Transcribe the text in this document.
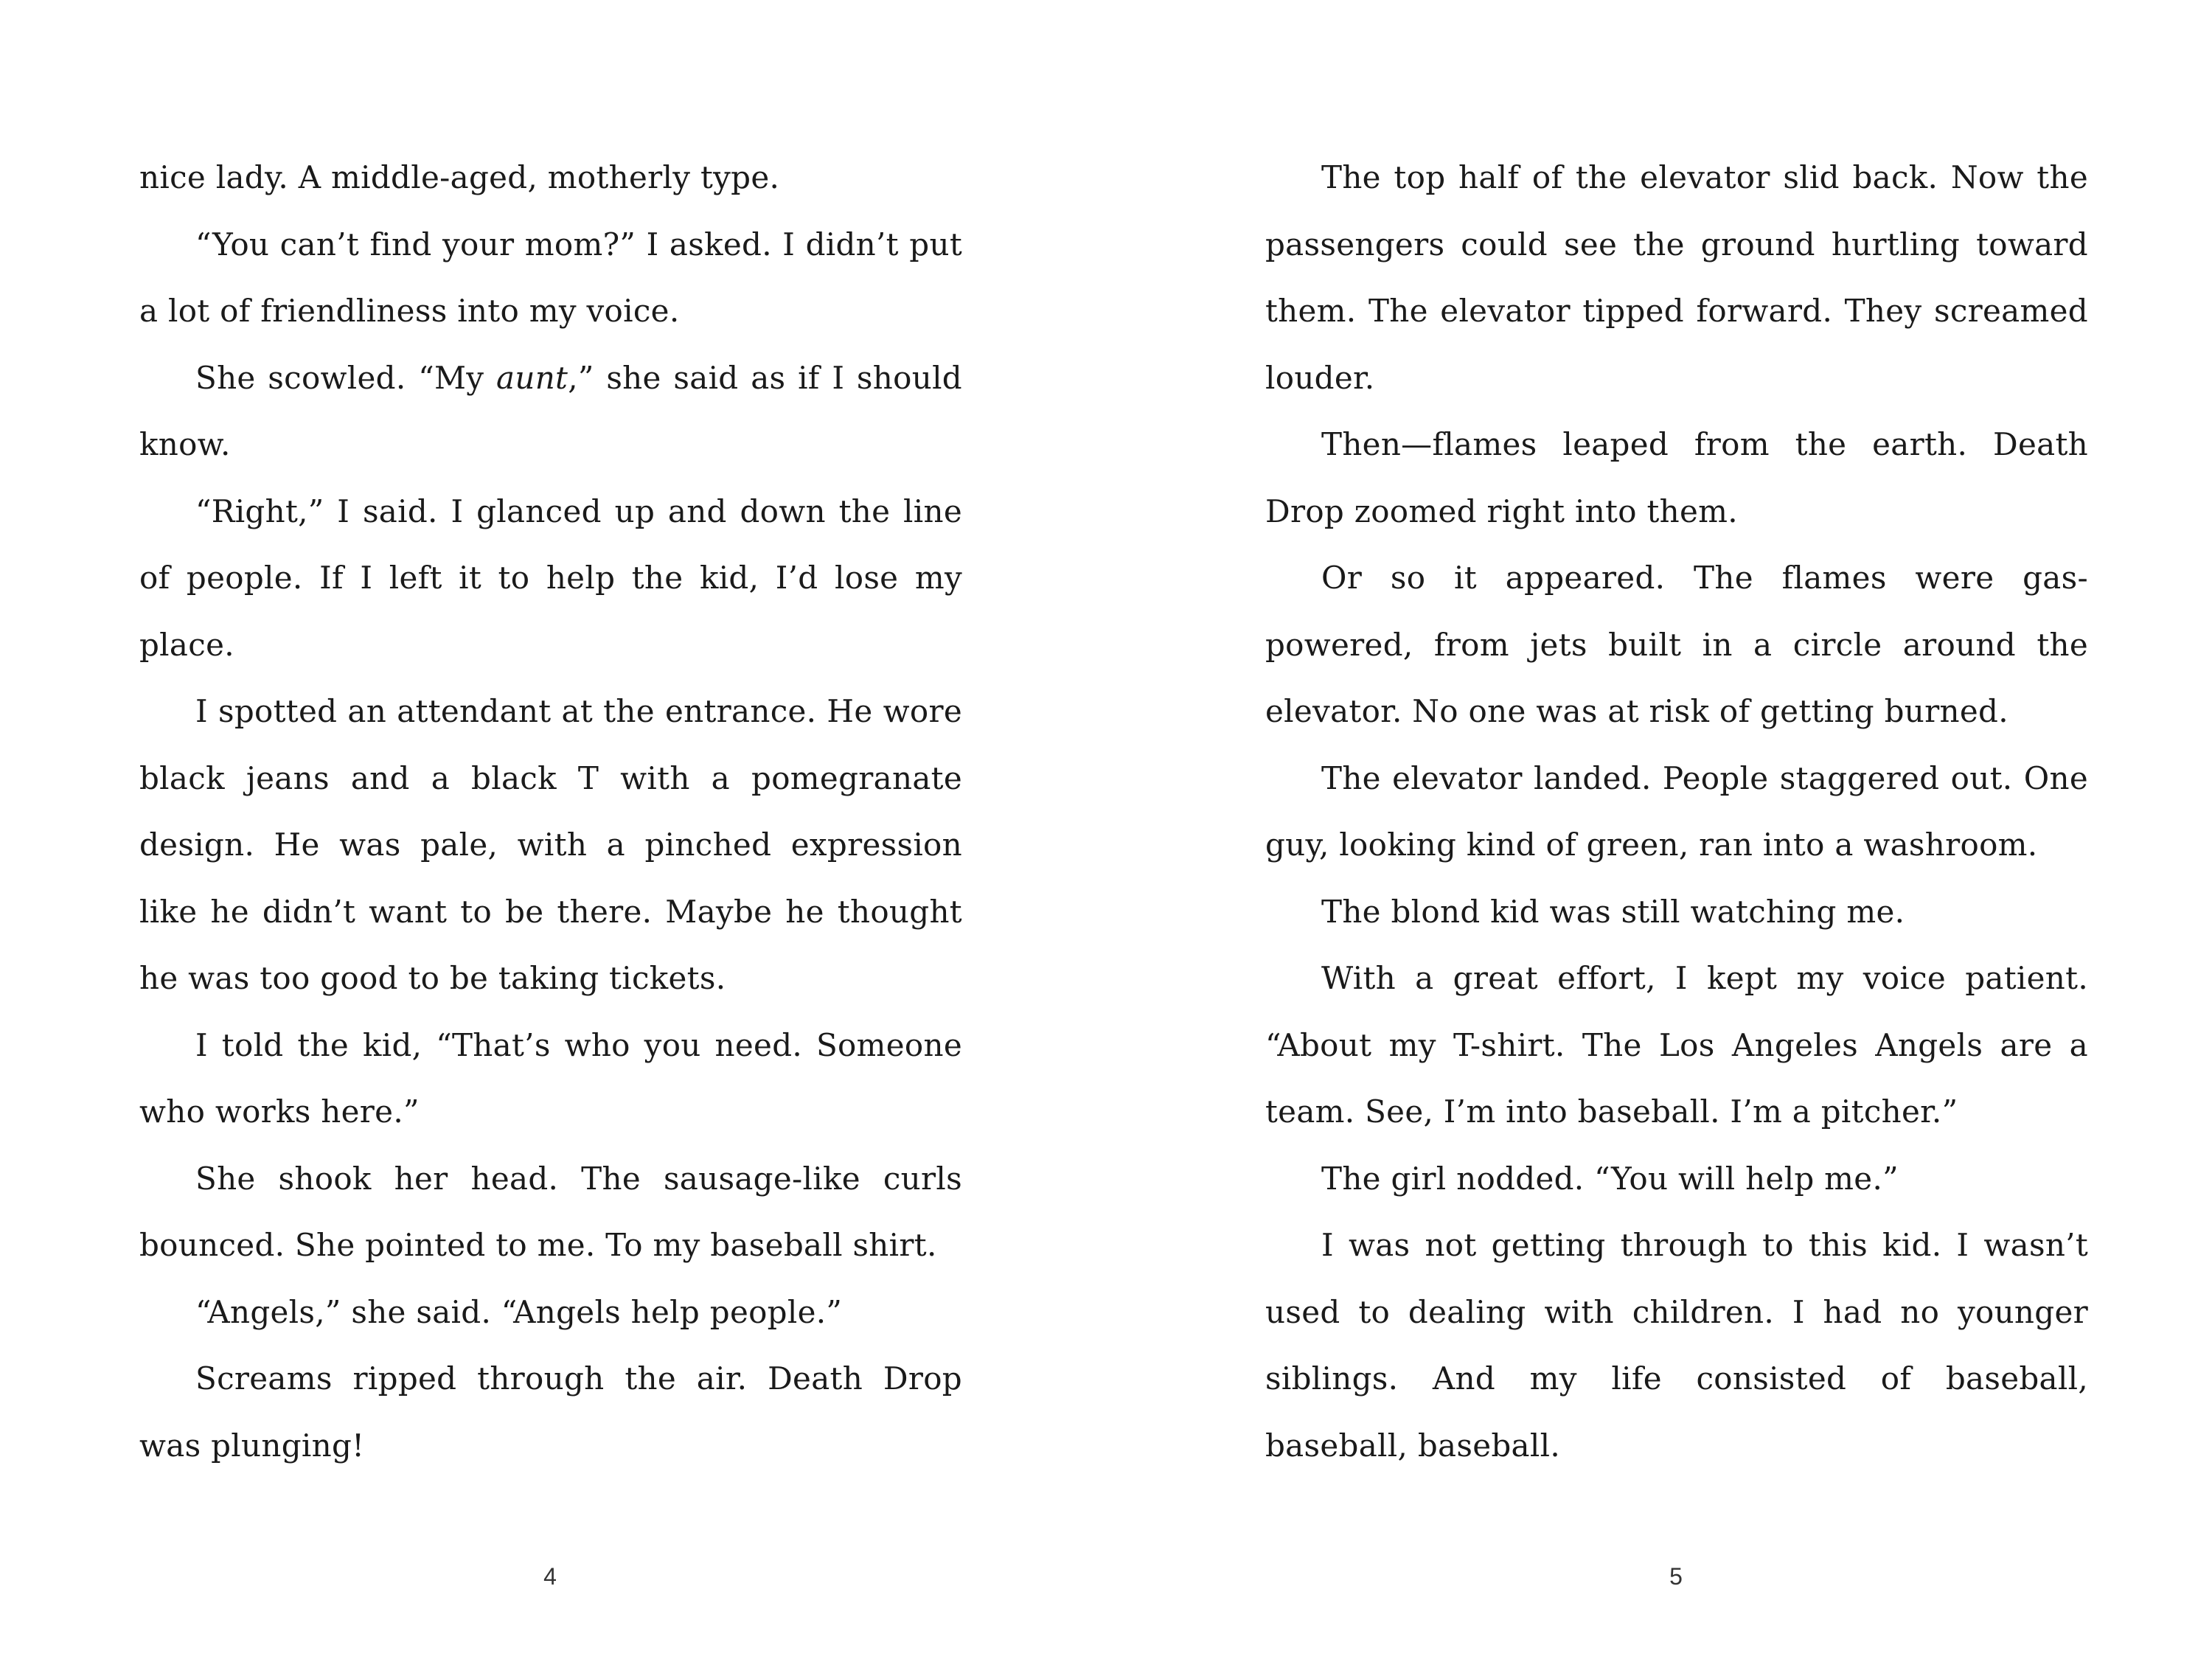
nice lady. A middle-aged, motherly type.

“You can’t find your mom?” I asked. I didn’t put a lot of friendliness into my voice.

She scowled. “My aunt,” she said as if I should know.

“Right,” I said. I glanced up and down the line of people. If I left it to help the kid, I’d lose my place.

I spotted an attendant at the entrance. He wore black jeans and a black T with a pomegranate design. He was pale, with a pinched expression like he didn’t want to be there. Maybe he thought he was too good to be taking tickets.

I told the kid, “That’s who you need. Someone who works here.”

She shook her head. The sausage-like curls bounced. She pointed to me. To my baseball shirt.

“Angels,” she said. “Angels help people.”

Screams ripped through the air. Death Drop was plunging!

4

The top half of the elevator slid back. Now the passengers could see the ground hurtling toward them. The elevator tipped forward. They screamed louder.

Then—flames leaped from the earth. Death Drop zoomed right into them.

Or so it appeared. The flames were gas-powered, from jets built in a circle around the elevator. No one was at risk of getting burned.

The elevator landed. People staggered out. One guy, looking kind of green, ran into a washroom.

The blond kid was still watching me.

With a great effort, I kept my voice patient. “About my T-shirt. The Los Angeles Angels are a team. See, I’m into baseball. I’m a pitcher.”

The girl nodded. “You will help me.”

I was not getting through to this kid. I wasn’t used to dealing with children. I had no younger siblings. And my life consisted of baseball, baseball, baseball.

5
